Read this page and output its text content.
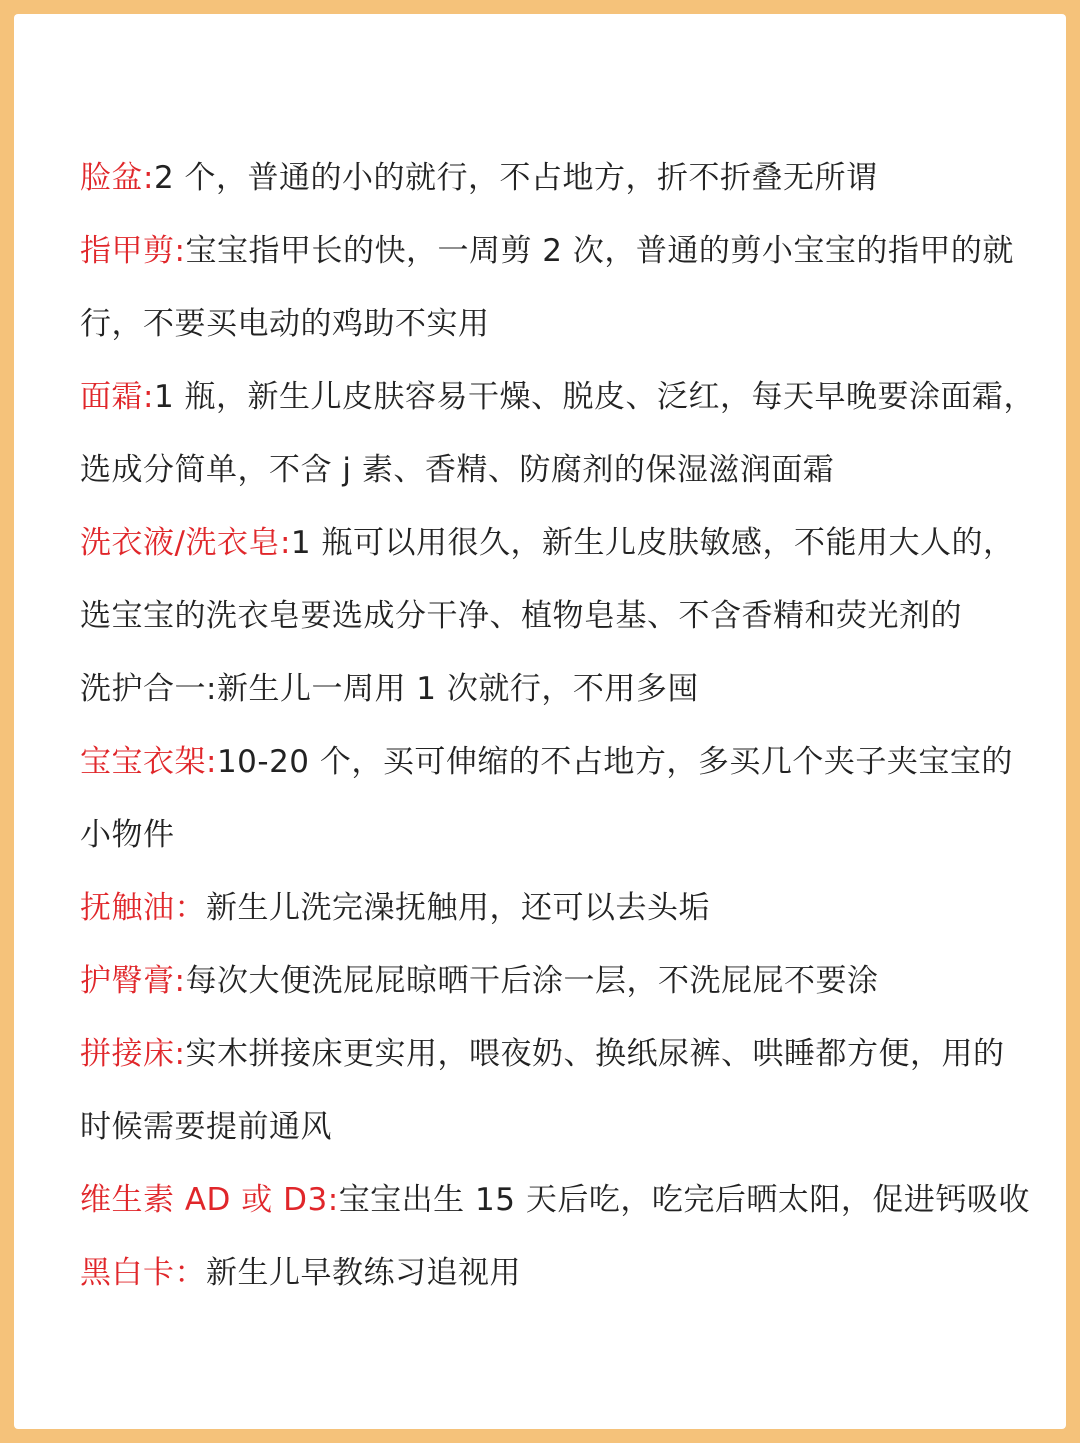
脸盆:2 个，普通的小的就行，不占地方，折不折叠无所谓
指甲剪:宝宝指甲长的快，一周剪 2 次，普通的剪小宝宝的指甲的就
行，不要买电动的鸡助不实用
面霜:1 瓶，新生儿皮肤容易干燥、脱皮、泛红，每天早晚要涂面霜，
选成分简单，不含 j 素、香精、防腐剂的保湿滋润面霜
洗衣液/洗衣皂:1 瓶可以用很久，新生儿皮肤敏感，不能用大人的，
选宝宝的洗衣皂要选成分干净、植物皂基、不含香精和荧光剂的
洗护合一:新生儿一周用 1 次就行，不用多囤
宝宝衣架:10-20 个，买可伸缩的不占地方，多买几个夹子夹宝宝的
小物件
抚触油：新生儿洗完澡抚触用，还可以去头垢
护臀膏:每次大便洗屁屁晾晒干后涂一层，不洗屁屁不要涂
拼接床:实木拼接床更实用，喂夜奶、换纸尿裤、哄睡都方便，用的
时候需要提前通风
维生素 AD 或 D3:宝宝出生 15 天后吃，吃完后晒太阳，促进钙吸收
黑白卡：新生儿早教练习追视用
